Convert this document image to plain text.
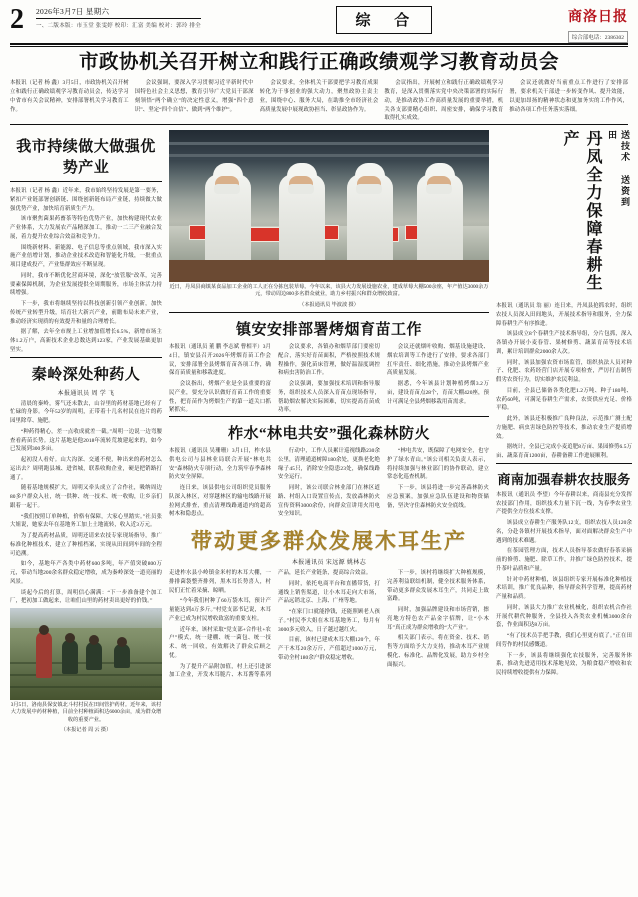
2	2026年3月7日 星期六
一、二版本版：市玉堂 张雯婷 校印：汇富 美编 校对：郭玲 排全	综 合	商洛日报
综合部电话：2386302
市政协机关召开树立和践行正确政绩观学习教育动员会

本报讯（记者 杨 鑫）3月5日，市政协机关召开树立和践行正确政绩观学习教育动员会，传达学习中省市有关会议精神，安排部署机关学习教育工作。

会议强调，要深入学习贯彻习近平新时代中国特色社会主义思想，教育引导广大党员干部深刻领悟“两个确立”的决定性意义，增强“四个意识”、坚定“四个自信”、做到“两个维护”。

会议要求，全体机关干部要把学习教育成果转化为干事创业的强大动力，聚焦政协主责主业，围绕中心、服务大局，在助推全市经济社会高质量发展中展现政协担当、彰显政协作为。

会议指出，开展树立和践行正确政绩观学习教育，是深入贯彻落实党中央决策部署的实际行动，是推动政协工作高质量发展的重要举措，机关各支部要精心组织、周密安排，确保学习教育取得扎实成效。

会议还就做好当前重点工作进行了安排部署，要求机关干部进一步转变作风、提升效能，以更加昂扬的精神状态和更加务实的工作作风，推动各项工作任务落实落细。

我市持续做大做强优势产业

本报讯（记者 杨 鑫）近年来，我市始终坚持发展是第一要务，紧扣产业链部署创新链、围绕创新链布局产业链，持续做大做强优势产业，加快培育新质生产力。

该市聚焦菌果药畜茶等特色优势产业，加快构建现代农业产业体系，大力发展农产品精深加工，推动一二三产业融合发展，着力提升农业综合效益和竞争力。

围绕新材料、新能源、电子信息等重点领域，我市深入实施产业倍增计划，推动企业技术改造和智能化升级，一批重点项目建成投产，产业集群效应不断显现。

同时，我市不断优化营商环境，深化“放管服”改革，完善要素保障机制，为企业发展提供全周期服务，市场主体活力持续增强。

下一步，我市将继续坚持以科技创新引领产业创新，加快传统产业转型升级，培育壮大新兴产业，前瞻布局未来产业，推动经济实现质的有效提升和量的合理增长。

据了解，去年全市规上工业增加值增长6.5%，新增市场主体1.2万户，高新技术企业总数达到123家，产业发展基础更加坚实。

秦岭深处种药人
本报通讯员 周 学 飞

清晨的秦岭，雾气还未散去，山谷里的药材基地已经有了忙碌的身影。今年52岁的周明，正带着十几名村民在连片的药园里除草、施肥。

“种药得精心，差一点收成就差一截。”周明一边说一边弯腰查看药苗长势。这片基地是他2018年流转荒坡建起来的，如今已发展到300多亩。

起初没人看好。山大沟深、交通不便，种出来的药材怎么运出去？周明跑县城、进省城，联系收购企业，硬是把销路打通了。

随着基地规模扩大，周明又牵头成立了合作社，吸纳周边80多户群众入社，统一供种、统一技术、统一收购，让乡亲们跟着一起干。

“我们按照订单种植，价格有保障，大家心里踏实。”社员张大姐说，她家去年在基地务工加上土地流转，收入近3万元。

为了提高药材品质，周明还请来农技专家现场指导，推广标准化种植技术，建立了种植档案，实现从田间到车间的全程可追溯。

如今，基地年产各类中药材600多吨，年产值突破800万元，带动当地200余名群众稳定增收，成为秦岭深处一道亮丽的风景。

谈起今后的打算，周明信心满满：“下一步准备建个加工厂，把初加工做起来，让咱们山里的药材卖出更好的价钱。”

3月5日，洛南县保安镇北斗村村民在田间管护药材。近年来，该村大力发展中药材种植，目前全村种植面积达6000余亩，成为群众增收的重要产业。
（本报记者 周 云 摄）
近日，丹凤县商镇某食品加工企业的工人正在分拣包装草莓。今年以来，该县大力发展设施农业，建成草莓大棚500余座，年产值达3000余万元，带动周边800多名群众就业，助力乡村振兴和群众增收致富。
（本报通讯员 毕波波 摄）
镇安安排部署烤烟育苗工作

本报讯（通讯员 董 鹏 李志斌 曹相平）3月4日，镇安县召开2026年烤烟育苗工作会议，安排部署全县烤烟育苗各项工作，确保育苗质量和移栽进度。

会议指出，烤烟产业是全县重要的富民产业，要充分认识做好育苗工作的重要性，把育苗作为烤烟生产的第一道关口抓紧抓实。

会议要求，各镇办和烟草部门要密切配合，落实好育苗面积，严格按照技术规程操作，强化苗床管理，做好温湿度调控和病虫害防治工作。

会议强调，要加强技术培训和指导服务，组织技术人员深入育苗点现场指导，帮助烟农解决实际困难，切实提高育苗成功率。

会议还就烟叶收购、烟基设施建设、烟农培训等工作进行了安排，要求各部门扛牢责任、细化措施，推动全县烤烟产业高质量发展。

据悉，今年该县计划种植烤烟3.2万亩，建设育苗点28个，育苗大棚420座，预计可满足全县烤烟移栽用苗需求。

柞水“林电共安”强化森林防火

本报讯（通讯员 吴珊珊）3月1日，柞水县供电公司与县林业局联合开展“林电共安”森林防火专项行动，全力筑牢春季森林防火安全屏障。

连日来，该县供电公司组织党员服务队深入林区，对穿越林区的输电线路开展拉网式排查，重点清理线路通道内的超高树木和隐患点。

行动中，工作人员累计巡视线路230余公里，清理通道树障180余处，更换老化绝缘子45只，消除安全隐患23处，确保线路安全运行。

同时，该公司联合林业部门在林区道路、村组入口设置宣传点，发放森林防火宣传资料3000余份，向群众宣讲用火用电安全知识。

“林电共安，既保障了电网安全，也守护了绿水青山。”该公司相关负责人表示，将持续加强与林业部门的协作联动，建立常态化巡查机制。

下一步，该县将进一步完善森林防火应急预案，加强应急队伍建设和物资储备，坚决守住森林防火安全底线。

带动更多群众发展木耳生产
本报通讯员 宋远源 姚林志

走进柞水县小岭镇金米村的木耳大棚，一排排菌袋整齐排列，黑木耳长势喜人，村民们正忙着采摘、晾晒。

“今年我们村种了60万袋木耳，预计产量能达到4万多斤。”村党支部书记说，木耳产业已成为村民增收致富的重要支柱。

近年来，该村采取“党支部+合作社+农户”模式，统一建棚、统一菌包、统一技术、统一回收，有效解决了群众后顾之忧。

为了提升产品附加值，村上还引进深加工企业，开发木耳脆片、木耳酱等系列产品，延长产业链条，提高综合效益。

同时，依托电商平台和直播带货，打通线上销售渠道，让小木耳走向大市场，产品远销北京、上海、广州等地。

“在家门口就能挣钱，还能照顾老人孩子。”村民李大姐在木耳基地务工，每月有3000多元收入，日子越过越红火。

目前，该村已建成木耳大棚120个，年产干木耳20余万斤，产值超过1000万元，带动全村180余户群众稳定增收。

下一步，该村将继续扩大种植规模，完善利益联结机制，健全技术服务体系，带动更多群众发展木耳生产，共同走上致富路。

同时，加强品牌建设和市场营销，擦亮地方特色农产品金字招牌，让“小木耳”真正成为群众增收的“大产业”。

相关部门表示，将在资金、技术、销售等方面给予大力支持，推动木耳产业规模化、标准化、品牌化发展，助力乡村全面振兴。

丹凤全力保障春耕生产	送技术 送资到田

本报讯（通讯员 翁 丽）连日来，丹凤县抢抓农时，组织农技人员深入田间地头，开展技术指导和服务，全力保障春耕生产有序推进。

该县成立8个春耕生产技术指导组，分片包抓，深入各镇办开展小麦春管、果树修剪、蔬菜育苗等技术培训，累计培训群众2000余人次。

同时，该县加强农资市场监管，组织执法人员对种子、化肥、农药经营门店开展专项检查，严厉打击制售假劣农资行为，切实维护农民利益。

目前，全县已储备各类化肥1.2万吨、种子180吨、农药60吨，可满足春耕生产需求，农资供应充足、价格平稳。

此外，该县还积极推广良种良法，示范推广测土配方施肥、病虫害绿色防控等技术，推动农业生产提质增效。

据统计，全县已完成小麦追肥8万亩、果园修剪6.5万亩、蔬菜育苗1200亩，春耕备耕工作进展顺利。

商南加强春耕农技服务

本报讯（通讯员 李望）今年春耕以来，商南县充分发挥农技部门作用，组织技术力量下沉一线，为春季农业生产提供全方位技术支撑。

该县成立春耕生产服务队12支，组织农技人员120余名，分赴各镇村开展技术指导，面对面解决群众生产中遇到的技术难题。

在茶园管理方面，技术人员指导茶农做好春茶采摘前的修剪、施肥、除草工作，并推广绿色防控技术，提升茶叶品质和产量。

针对中药材种植，该县组织专家开展标准化种植技术培训，推广优良品种，指导群众科学管理，提高药材产量和品质。

同时，该县大力推广农业机械化，组织农机合作社开展代耕代种服务，全县投入各类农业机械3000余台套，作业面积达8万亩。

“有了技术员手把手教，我们心里更有底了。”正在田间劳作的村民感慨道。

下一步，该县将继续强化农技服务，完善服务体系，推动先进适用技术落地见效，为粮食稳产增收和农民持续增收提供有力保障。
